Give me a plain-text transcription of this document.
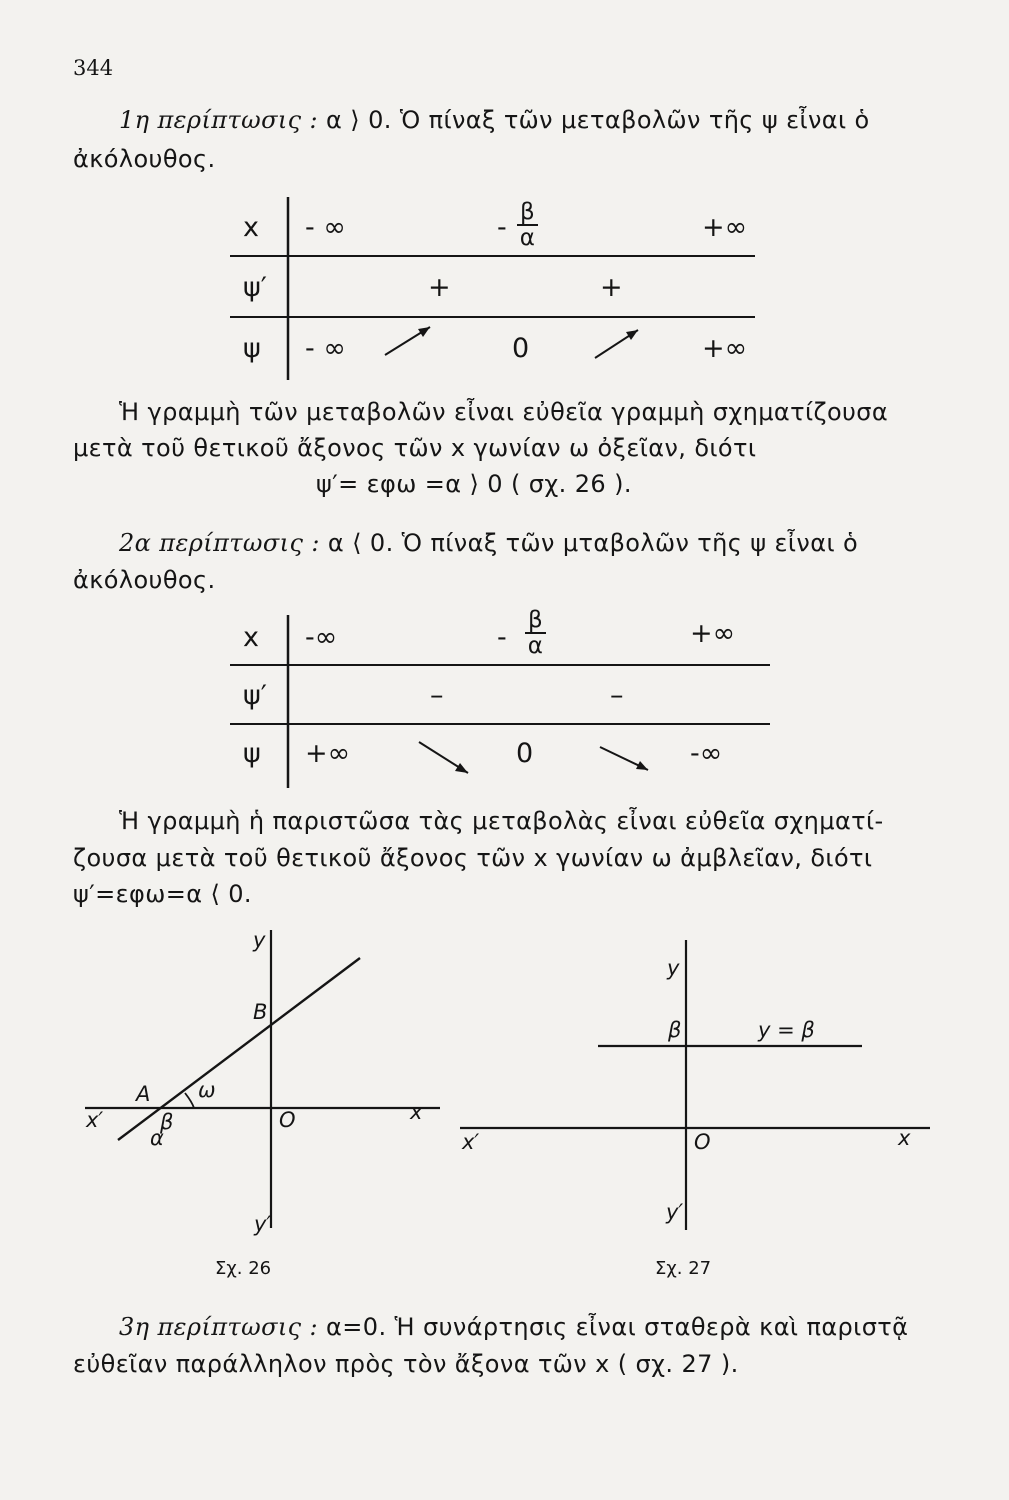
344
1η περίπτωσις : α ⟩ 0. Ὁ πίναξ τῶν μεταβολῶν τῆς ψ εἶναι ὁ
ἀκόλουθος.
x - ∞	- $\frac{\beta}{\alpha}$	+∞
ψ′	+	+
ψ - ∞	0	+∞
Ἡ γραμμὴ τῶν μεταβολῶν εἶναι εὐθεῖα γραμμὴ σχηματίζουσα
μετὰ τοῦ θετικοῦ ἄξονος τῶν x γωνίαν ω ὀξεῖαν, διότι
ψ′= εφω =α ⟩ 0 ( σχ. 26 ).
2α περίπτωσις : α ⟨ 0. Ὁ πίναξ τῶν μταβολῶν τῆς ψ εἶναι ὁ
ἀκόλουθος.
x -∞	- $\frac{\beta}{\alpha}$	+∞
ψ′	–	–
ψ +∞	0	-∞
Ἡ γραμμὴ ἡ παριστῶσα τὰς μεταβολὰς εἶναι εὐθεῖα σχηματί-
ζουσα μετὰ τοῦ θετικοῦ ἄξονος τῶν x γωνίαν ω ἀμβλεῖαν, διότι
ψ′=εφω=α ⟨ 0.
y
y′
x
x′	O
B
A
β
α
ω
Σχ. 26
y
y′
x
x′	O
β	y = β
Σχ. 27
3η περίπτωσις : α=0. Ἡ συνάρτησις εἶναι σταθερὰ καὶ παριστᾷ
εὐθεῖαν παράλληλον πρὸς τὸν ἄξονα τῶν x ( σχ. 27 ).
